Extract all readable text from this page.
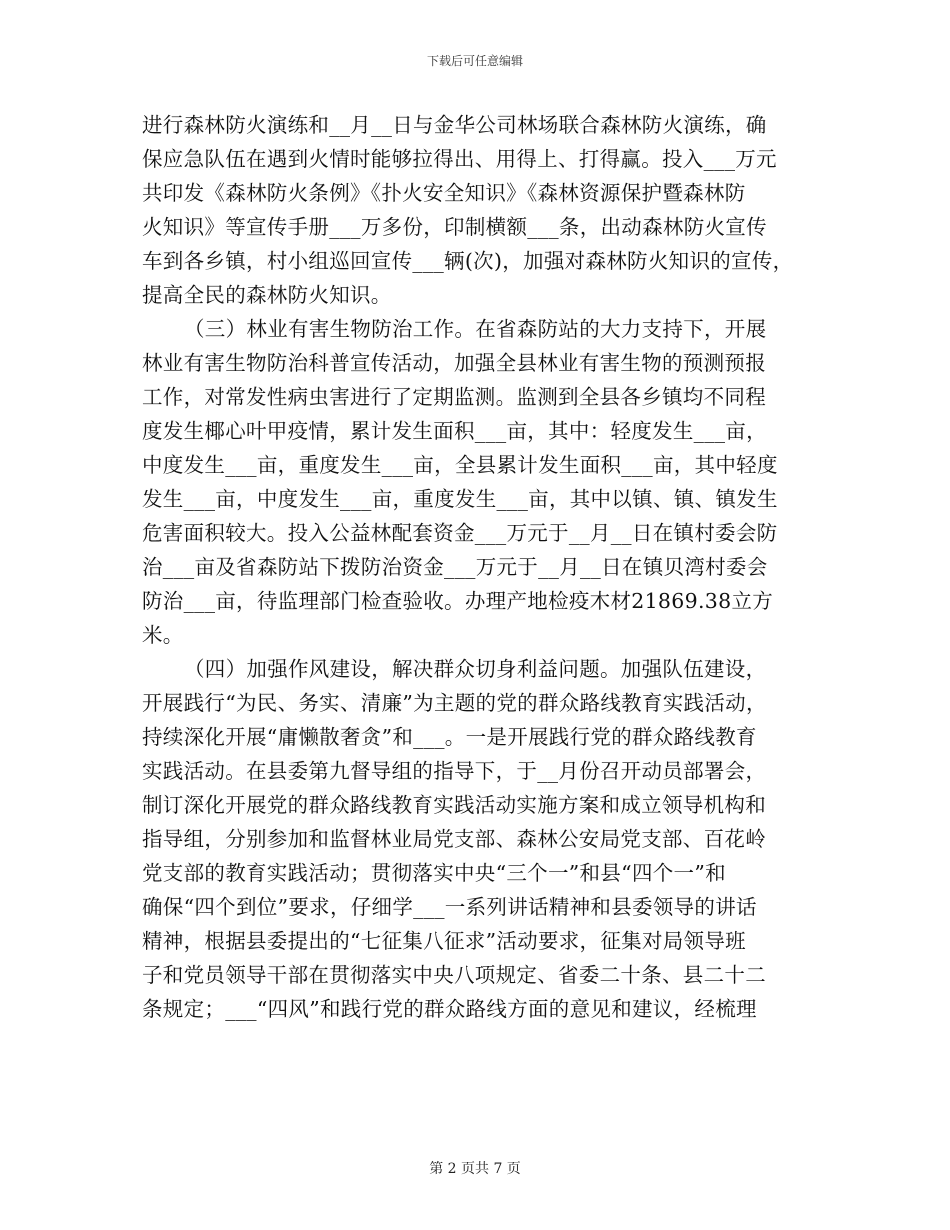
下载后可任意编辑
进行森林防火演练和__月__日与金华公司林场联合森林防火演练，确
保应急队伍在遇到火情时能够拉得出、用得上、打得赢。投入___万元
共印发《森林防火条例》《扑火安全知识》《森林资源保护暨森林防
火知识》等宣传手册___万多份，印制横额___条，出动森林防火宣传
车到各乡镇，村小组巡回宣传___辆(次)，加强对森林防火知识的宣传，
提高全民的森林防火知识。
（三）林业有害生物防治工作。在省森防站的大力支持下，开展
林业有害生物防治科普宣传活动，加强全县林业有害生物的预测预报
工作，对常发性病虫害进行了定期监测。监测到全县各乡镇均不同程
度发生椰心叶甲疫情，累计发生面积___亩，其中：轻度发生___亩，
中度发生___亩，重度发生___亩，全县累计发生面积___亩，其中轻度
发生___亩，中度发生___亩，重度发生___亩，其中以镇、镇、镇发生
危害面积较大。投入公益林配套资金___万元于__月__日在镇村委会防
治___亩及省森防站下拨防治资金___万元于__月__日在镇贝湾村委会
防治___亩，待监理部门检查验收。办理产地检疫木材21869.38立方
米。
（四）加强作风建设，解决群众切身利益问题。加强队伍建设，
开展践行“为民、务实、清廉”为主题的党的群众路线教育实践活动，
持续深化开展“庸懒散奢贪”和___。一是开展践行党的群众路线教育
实践活动。在县委第九督导组的指导下，于__月份召开动员部署会，
制订深化开展党的群众路线教育实践活动实施方案和成立领导机构和
指导组，分别参加和监督林业局党支部、森林公安局党支部、百花岭
党支部的教育实践活动；贯彻落实中央“三个一”和县“四个一”和
确保“四个到位”要求，仔细学___一系列讲话精神和县委领导的讲话
精神，根据县委提出的“七征集八征求”活动要求，征集对局领导班
子和党员领导干部在贯彻落实中央八项规定、省委二十条、县二十二
条规定；___“四风”和践行党的群众路线方面的意见和建议，经梳理
第 2 页共 7 页
